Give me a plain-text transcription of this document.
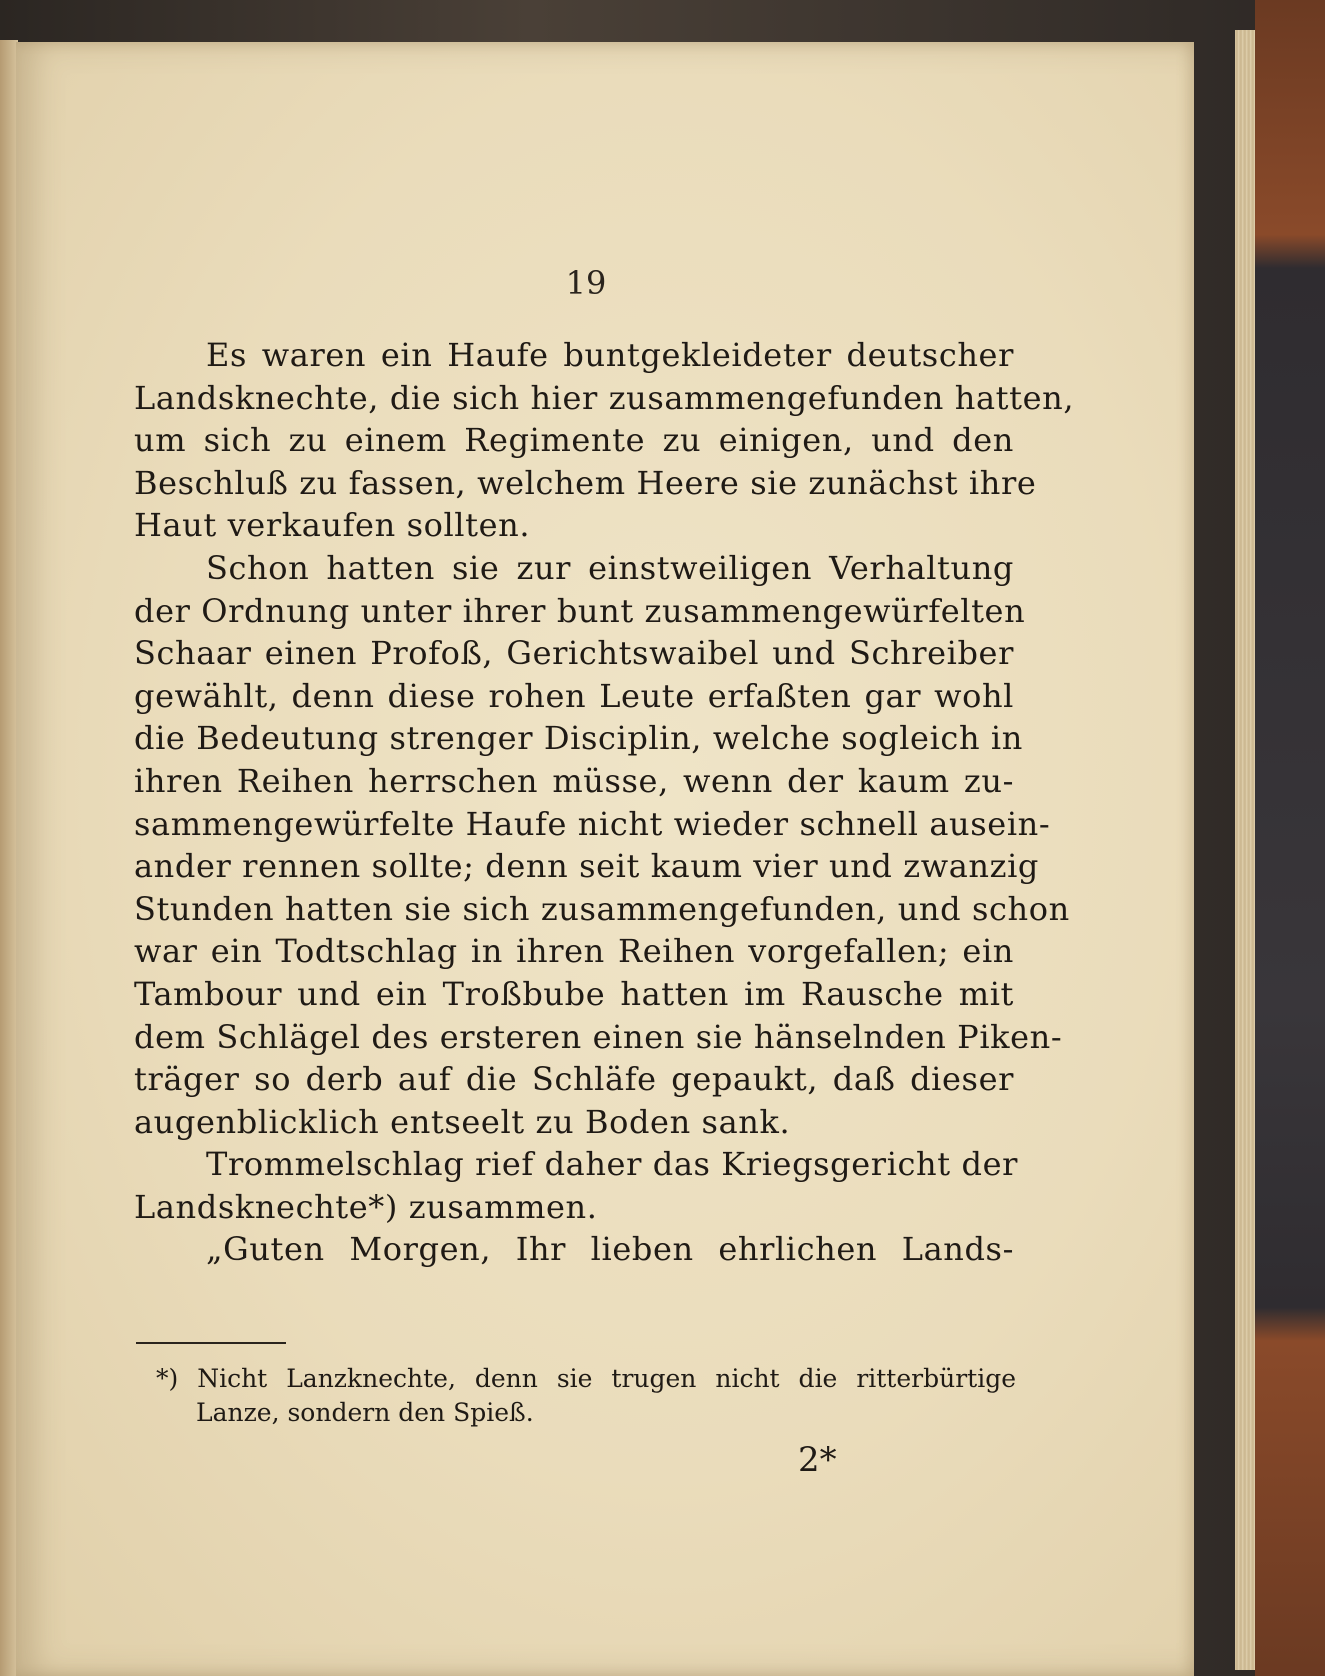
19

Es waren ein Haufe buntgekleideter deutscher
Landsknechte, die sich hier zusammengefunden hatten,
um sich zu einem Regimente zu einigen, und den
Beschluß zu fassen, welchem Heere sie zunächst ihre
Haut verkaufen sollten.

Schon hatten sie zur einstweiligen Verhaltung
der Ordnung unter ihrer bunt zusammengewürfelten
Schaar einen Profoß, Gerichtswaibel und Schreiber
gewählt, denn diese rohen Leute erfaßten gar wohl
die Bedeutung strenger Disciplin, welche sogleich in
ihren Reihen herrschen müsse, wenn der kaum zu-
sammengewürfelte Haufe nicht wieder schnell ausein-
ander rennen sollte; denn seit kaum vier und zwanzig
Stunden hatten sie sich zusammengefunden, und schon
war ein Todtschlag in ihren Reihen vorgefallen; ein
Tambour und ein Troßbube hatten im Rausche mit
dem Schlägel des ersteren einen sie hänselnden Piken-
träger so derb auf die Schläfe gepaukt, daß dieser
augenblicklich entseelt zu Boden sank.

Trommelschlag rief daher das Kriegsgericht der
Landsknechte*) zusammen.

„Guten Morgen, Ihr lieben ehrlichen Lands-

*) Nicht Lanzknechte, denn sie trugen nicht die ritterbürtige
Lanze, sondern den Spieß.
2*
